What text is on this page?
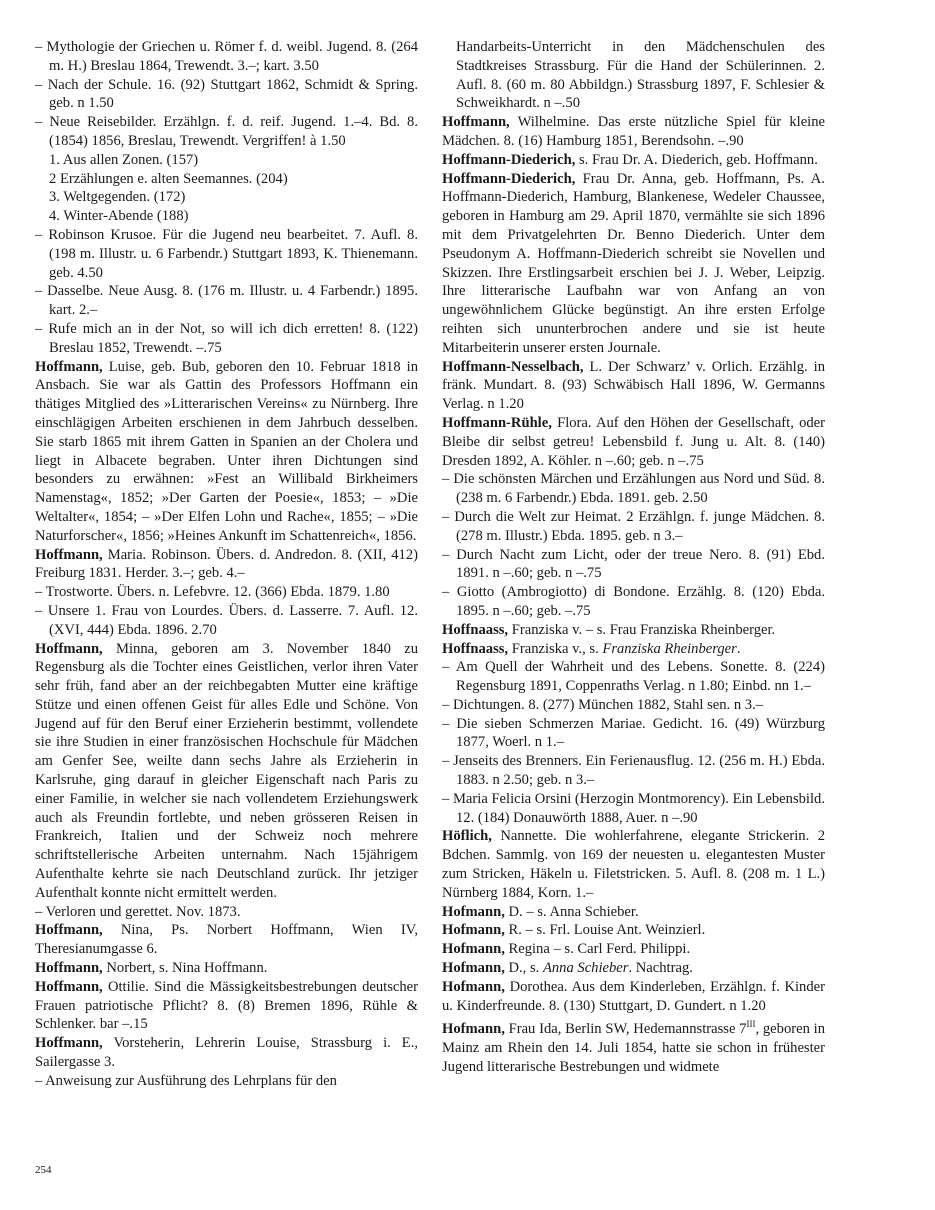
– Mythologie der Griechen u. Römer f. d. weibl. Jugend. 8. (264 m. H.) Breslau 1864, Trewendt. 3.–; kart. 3.50

– Nach der Schule. 16. (92) Stuttgart 1862, Schmidt & Spring. geb. n 1.50

– Neue Reisebilder. Erzählgn. f. d. reif. Jugend. 1.–4. Bd. 8. (1854) 1856, Breslau, Trewendt. Vergriffen! à 1.50

1. Aus allen Zonen. (157)

2 Erzählungen e. alten Seemannes. (204)

3. Weltgegenden. (172)

4. Winter-Abende (188)

– Robinson Krusoe. Für die Jugend neu bearbeitet. 7. Aufl. 8. (198 m. Illustr. u. 6 Farbendr.) Stuttgart 1893, K. Thienemann. geb. 4.50

– Dasselbe. Neue Ausg. 8. (176 m. Illustr. u. 4 Farbendr.) 1895. kart. 2.–

– Rufe mich an in der Not, so will ich dich erretten! 8. (122) Breslau 1852, Trewendt. –.75

Hoffmann, Luise, geb. Bub, geboren den 10. Februar 1818 in Ansbach. Sie war als Gattin des Professors Hoffmann ein thätiges Mitglied des »Litterarischen Vereins« zu Nürnberg. Ihre einschlägigen Arbeiten erschienen in dem Jahrbuch desselben. Sie starb 1865 mit ihrem Gatten in Spanien an der Cholera und liegt in Albacete begraben. Unter ihren Dichtungen sind besonders zu erwähnen: »Fest an Willibald Birkheimers Namenstag«, 1852; »Der Garten der Poesie«, 1853; – »Die Weltalter«, 1854; – »Der Elfen Lohn und Rache«, 1855; – »Die Naturforscher«, 1856; »Heines Ankunft im Schattenreich«, 1856.

Hoffmann, Maria. Robinson. Übers. d. Andredon. 8. (XII, 412) Freiburg 1831. Herder. 3.–; geb. 4.–

– Trostworte. Übers. n. Lefebvre. 12. (366) Ebda. 1879. 1.80

– Unsere 1. Frau von Lourdes. Übers. d. Lasserre. 7. Aufl. 12. (XVI, 444) Ebda. 1896. 2.70

Hoffmann, Minna, geboren am 3. November 1840 zu Regensburg als die Tochter eines Geistlichen, verlor ihren Vater sehr früh, fand aber an der reichbegabten Mutter eine kräftige Stütze und einen offenen Geist für alles Edle und Schöne. Von Jugend auf für den Beruf einer Erzieherin bestimmt, vollendete sie ihre Studien in einer französischen Hochschule für Mädchen am Genfer See, weilte dann sechs Jahre als Erzieherin in Karlsruhe, ging darauf in gleicher Eigenschaft nach Paris zu einer Familie, in welcher sie nach vollendetem Erziehungswerk auch als Freundin fortlebte, und neben grösseren Reisen in Frankreich, Italien und der Schweiz noch mehrere schriftstellerische Arbeiten unternahm. Nach 15jährigem Aufenthalte kehrte sie nach Deutschland zurück. Ihr jetziger Aufenthalt konnte nicht ermittelt werden.

– Verloren und gerettet. Nov. 1873.

Hoffmann, Nina, Ps. Norbert Hoffmann, Wien IV, Theresianumgasse 6.

Hoffmann, Norbert, s. Nina Hoffmann.

Hoffmann, Ottilie. Sind die Mässigkeitsbestrebungen deutscher Frauen patriotische Pflicht? 8. (8) Bremen 1896, Rühle & Schlenker. bar –.15

Hoffmann, Vorsteherin, Lehrerin Louise, Strassburg i. E., Sailergasse 3.

– Anweisung zur Ausführung des Lehrplans für den

Handarbeits-Unterricht in den Mädchenschulen des Stadtkreises Strassburg. Für die Hand der Schülerinnen. 2. Aufl. 8. (60 m. 80 Abbildgn.) Strassburg 1897, F. Schlesier & Schweikhardt. n –.50

Hoffmann, Wilhelmine. Das erste nützliche Spiel für kleine Mädchen. 8. (16) Hamburg 1851, Berendsohn. –.90

Hoffmann-Diederich, s. Frau Dr. A. Diederich, geb. Hoffmann.

Hoffmann-Diederich, Frau Dr. Anna, geb. Hoffmann, Ps. A. Hoffmann-Diederich, Hamburg, Blankenese, Wedeler Chaussee, geboren in Hamburg am 29. April 1870, vermählte sie sich 1896 mit dem Privatgelehrten Dr. Benno Diederich. Unter dem Pseudonym A. Hoffmann-Diederich schreibt sie Novellen und Skizzen. Ihre Erstlingsarbeit erschien bei J. J. Weber, Leipzig. Ihre litterarische Laufbahn war von Anfang an von ungewöhnlichem Glücke begünstigt. An ihre ersten Erfolge reihten sich ununterbrochen andere und sie ist heute Mitarbeiterin unserer ersten Journale.

Hoffmann-Nesselbach, L. Der Schwarz’ v. Orlich. Erzählg. in fränk. Mundart. 8. (93) Schwäbisch Hall 1896, W. Germanns Verlag. n 1.20

Hoffmann-Rühle, Flora. Auf den Höhen der Gesellschaft, oder Bleibe dir selbst getreu! Lebensbild f. Jung u. Alt. 8. (140) Dresden 1892, A. Köhler. n –.60; geb. n –.75

– Die schönsten Märchen und Erzählungen aus Nord und Süd. 8. (238 m. 6 Farbendr.) Ebda. 1891. geb. 2.50

– Durch die Welt zur Heimat. 2 Erzählgn. f. junge Mädchen. 8. (278 m. Illustr.) Ebda. 1895. geb. n 3.–

– Durch Nacht zum Licht, oder der treue Nero. 8. (91) Ebd. 1891. n –.60; geb. n –.75

– Giotto (Ambrogiotto) di Bondone. Erzählg. 8. (120) Ebda. 1895. n –.60; geb. –.75

Hoffnaass, Franziska v. – s. Frau Franziska Rheinberger.

Hoffnaass, Franziska v., s. Franziska Rheinberger.

– Am Quell der Wahrheit und des Lebens. Sonette. 8. (224) Regensburg 1891, Coppenraths Verlag. n 1.80; Einbd. nn 1.–

– Dichtungen. 8. (277) München 1882, Stahl sen. n 3.–

– Die sieben Schmerzen Mariae. Gedicht. 16. (49) Würzburg 1877, Woerl. n 1.–

– Jenseits des Brenners. Ein Ferienausflug. 12. (256 m. H.) Ebda. 1883. n 2.50; geb. n 3.–

– Maria Felicia Orsini (Herzogin Montmorency). Ein Lebensbild. 12. (184) Donauwörth 1888, Auer. n –.90

Höflich, Nannette. Die wohlerfahrene, elegante Strickerin. 2 Bdchen. Sammlg. von 169 der neuesten u. elegantesten Muster zum Stricken, Häkeln u. Filetstricken. 5. Aufl. 8. (208 m. 1 L.) Nürnberg 1884, Korn. 1.–

Hofmann, D. – s. Anna Schieber.

Hofmann, R. – s. Frl. Louise Ant. Weinzierl.

Hofmann, Regina – s. Carl Ferd. Philippi.

Hofmann, D., s. Anna Schieber. Nachtrag.

Hofmann, Dorothea. Aus dem Kinderleben, Erzählgn. f. Kinder u. Kinderfreunde. 8. (130) Stuttgart, D. Gundert. n 1.20

Hofmann, Frau Ida, Berlin SW, Hedemannstrasse $7^{III}$, geboren in Mainz am Rhein den 14. Juli 1854, hatte sie schon in frühester Jugend litterarische Bestrebungen und widmete

254
